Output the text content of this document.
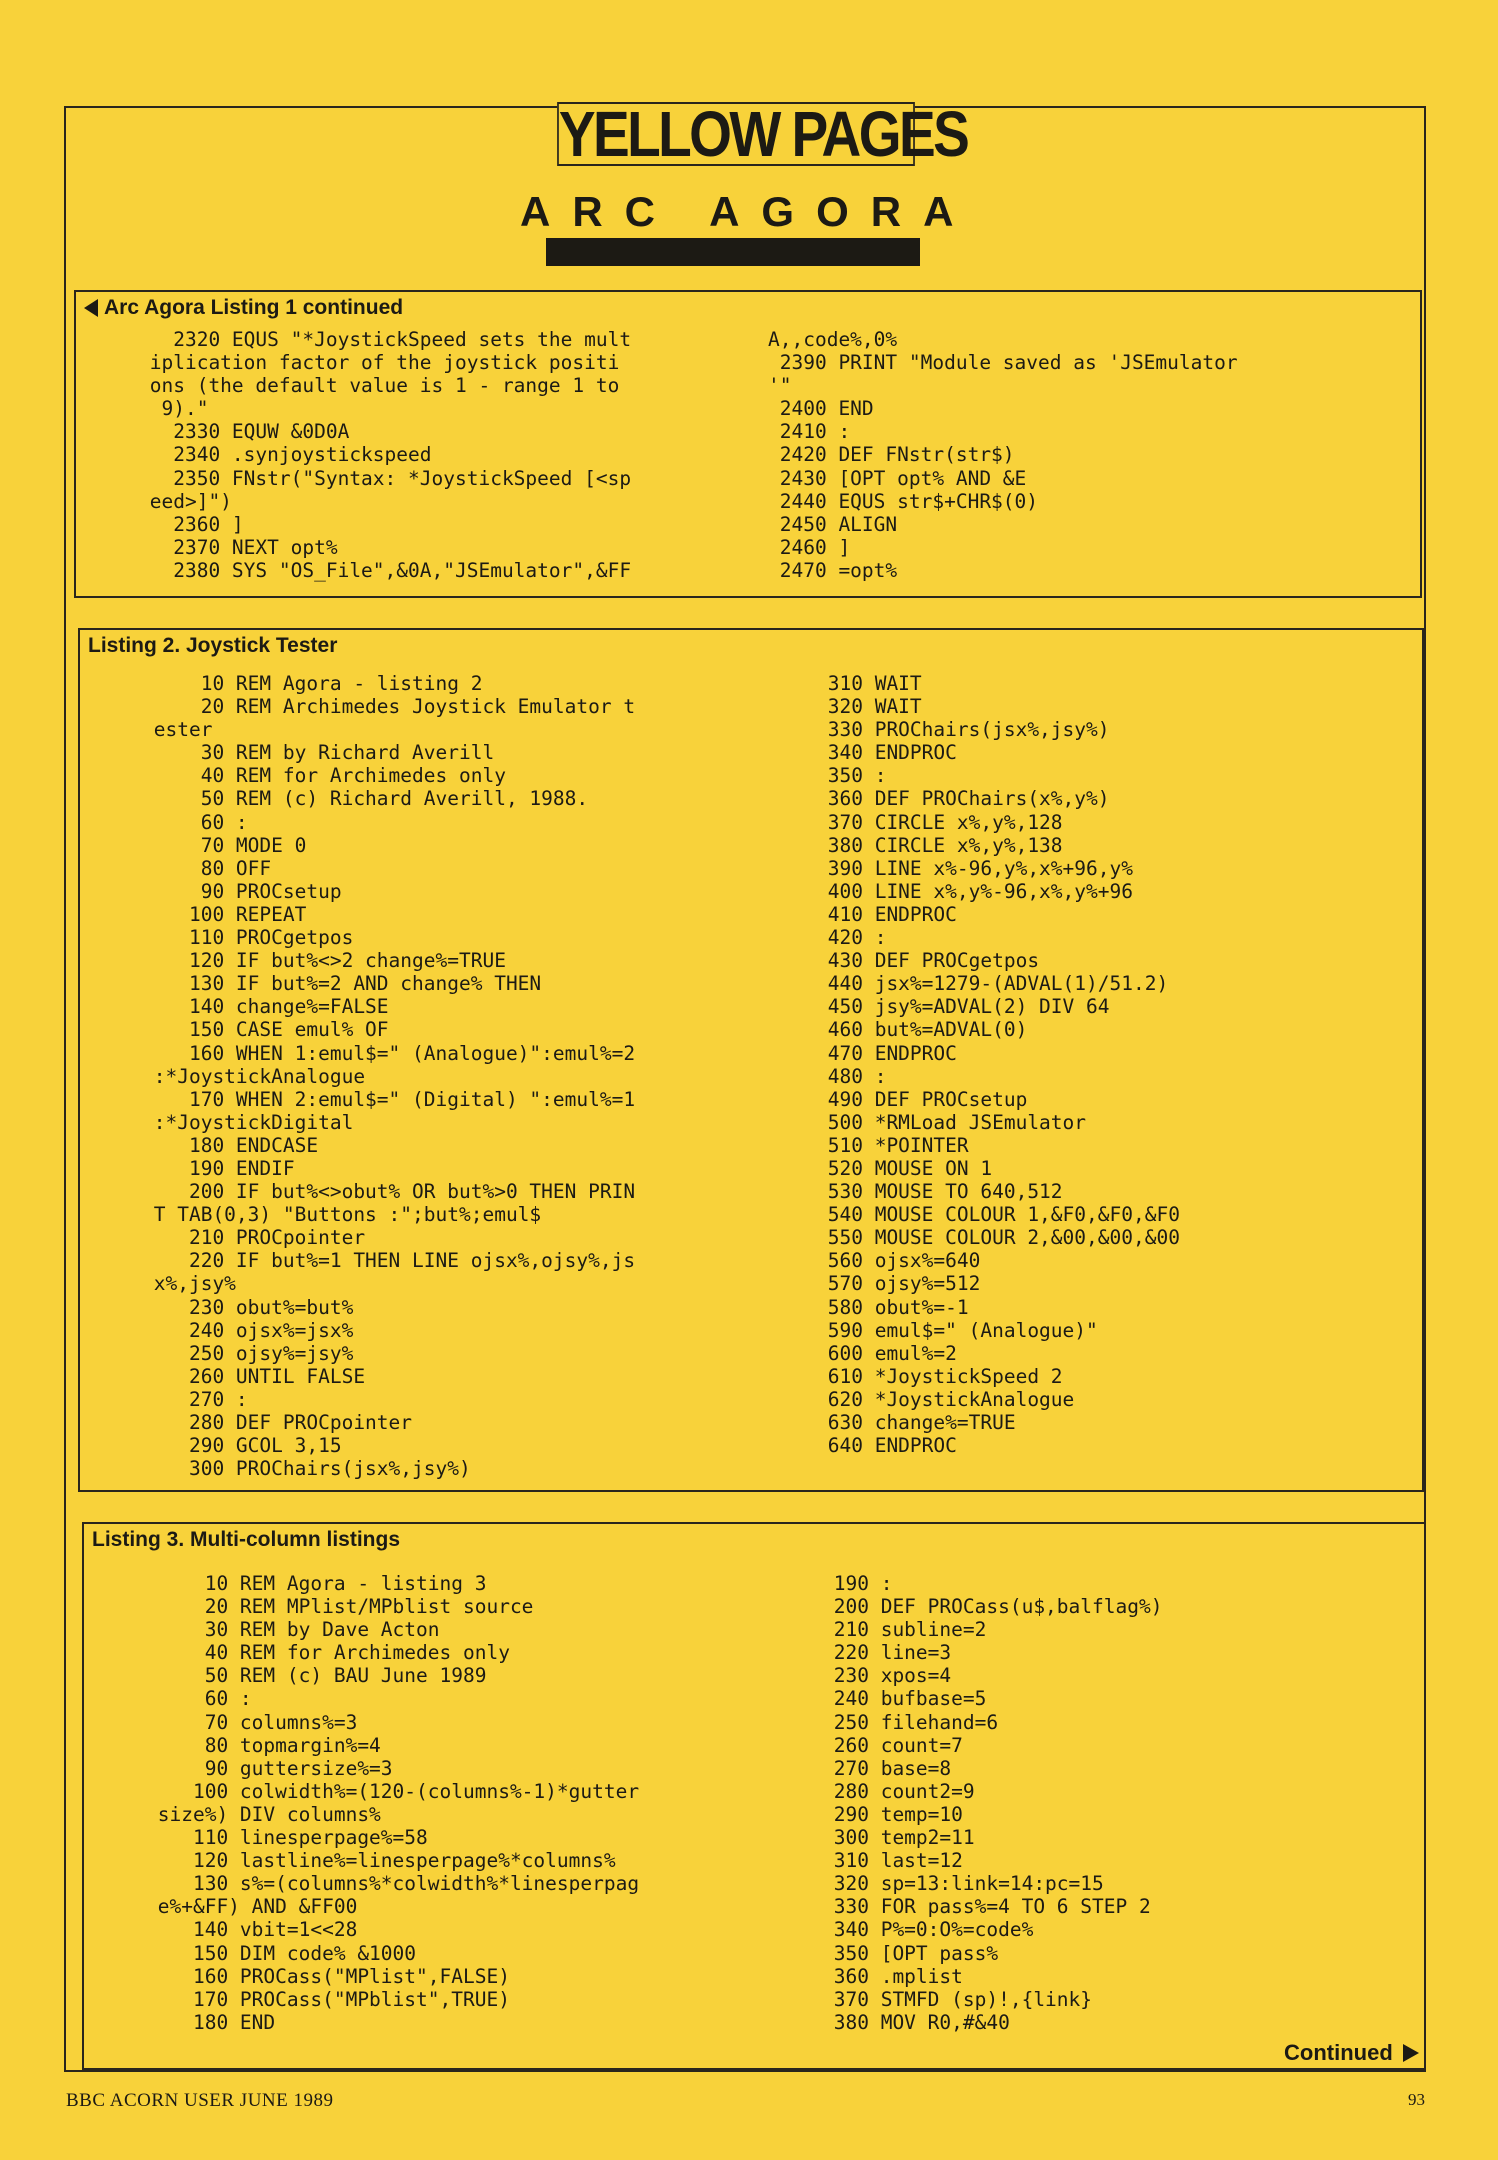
YELLOW PAGES
ARC AGORA
Arc Agora Listing 1 continued
2320 EQUS "*JoystickSpeed sets the mult
iplication factor of the joystick positi
ons (the default value is 1 - range 1 to
9)."
2330 EQUW &0D0A
2340 .synjoystickspeed
2350 FNstr("Syntax: *JoystickSpeed [<sp
eed>]")
2360 ]
2370 NEXT opt%
2380 SYS "OS_File",&0A,"JSEmulator",&FF
A,,code%,0%
2390 PRINT "Module saved as 'JSEmulator
'"
2400 END
2410 :
2420 DEF FNstr(str$)
2430 [OPT opt% AND &E
2440 EQUS str$+CHR$(0)
2450 ALIGN
2460 ]
2470 =opt%
Listing 2. Joystick Tester
10 REM Agora - listing 2
20 REM Archimedes Joystick Emulator t
ester
30 REM by Richard Averill
40 REM for Archimedes only
50 REM (c) Richard Averill, 1988.
60 :
70 MODE 0
80 OFF
90 PROCsetup
100 REPEAT
110 PROCgetpos
120 IF but%<>2 change%=TRUE
130 IF but%=2 AND change% THEN
140 change%=FALSE
150 CASE emul% OF
160 WHEN 1:emul$=" (Analogue)":emul%=2
:*JoystickAnalogue
170 WHEN 2:emul$=" (Digital) ":emul%=1
:*JoystickDigital
180 ENDCASE
190 ENDIF
200 IF but%<>obut% OR but%>0 THEN PRIN
T TAB(0,3) "Buttons :";but%;emul$
210 PROCpointer
220 IF but%=1 THEN LINE ojsx%,ojsy%,js
x%,jsy%
230 obut%=but%
240 ojsx%=jsx%
250 ojsy%=jsy%
260 UNTIL FALSE
270 :
280 DEF PROCpointer
290 GCOL 3,15
300 PROChairs(jsx%,jsy%)
310 WAIT
320 WAIT
330 PROChairs(jsx%,jsy%)
340 ENDPROC
350 :
360 DEF PROChairs(x%,y%)
370 CIRCLE x%,y%,128
380 CIRCLE x%,y%,138
390 LINE x%-96,y%,x%+96,y%
400 LINE x%,y%-96,x%,y%+96
410 ENDPROC
420 :
430 DEF PROCgetpos
440 jsx%=1279-(ADVAL(1)/51.2)
450 jsy%=ADVAL(2) DIV 64
460 but%=ADVAL(0)
470 ENDPROC
480 :
490 DEF PROCsetup
500 *RMLoad JSEmulator
510 *POINTER
520 MOUSE ON 1
530 MOUSE TO 640,512
540 MOUSE COLOUR 1,&F0,&F0,&F0
550 MOUSE COLOUR 2,&00,&00,&00
560 ojsx%=640
570 ojsy%=512
580 obut%=-1
590 emul$=" (Analogue)"
600 emul%=2
610 *JoystickSpeed 2
620 *JoystickAnalogue
630 change%=TRUE
640 ENDPROC
Listing 3. Multi-column listings
10 REM Agora - listing 3
20 REM MPlist/MPblist source
30 REM by Dave Acton
40 REM for Archimedes only
50 REM (c) BAU June 1989
60 :
70 columns%=3
80 topmargin%=4
90 guttersize%=3
100 colwidth%=(120-(columns%-1)*gutter
size%) DIV columns%
110 linesperpage%=58
120 lastline%=linesperpage%*columns%
130 s%=(columns%*colwidth%*linesperpag
e%+&FF) AND &FF00
140 vbit=1<<28
150 DIM code% &1000
160 PROCass("MPlist",FALSE)
170 PROCass("MPblist",TRUE)
180 END
190 :
200 DEF PROCass(u$,balflag%)
210 subline=2
220 line=3
230 xpos=4
240 bufbase=5
250 filehand=6
260 count=7
270 base=8
280 count2=9
290 temp=10
300 temp2=11
310 last=12
320 sp=13:link=14:pc=15
330 FOR pass%=4 TO 6 STEP 2
340 P%=0:O%=code%
350 [OPT pass%
360 .mplist
370 STMFD (sp)!,{link}
380 MOV R0,#&40
Continued
BBC ACORN USER JUNE 1989	93
